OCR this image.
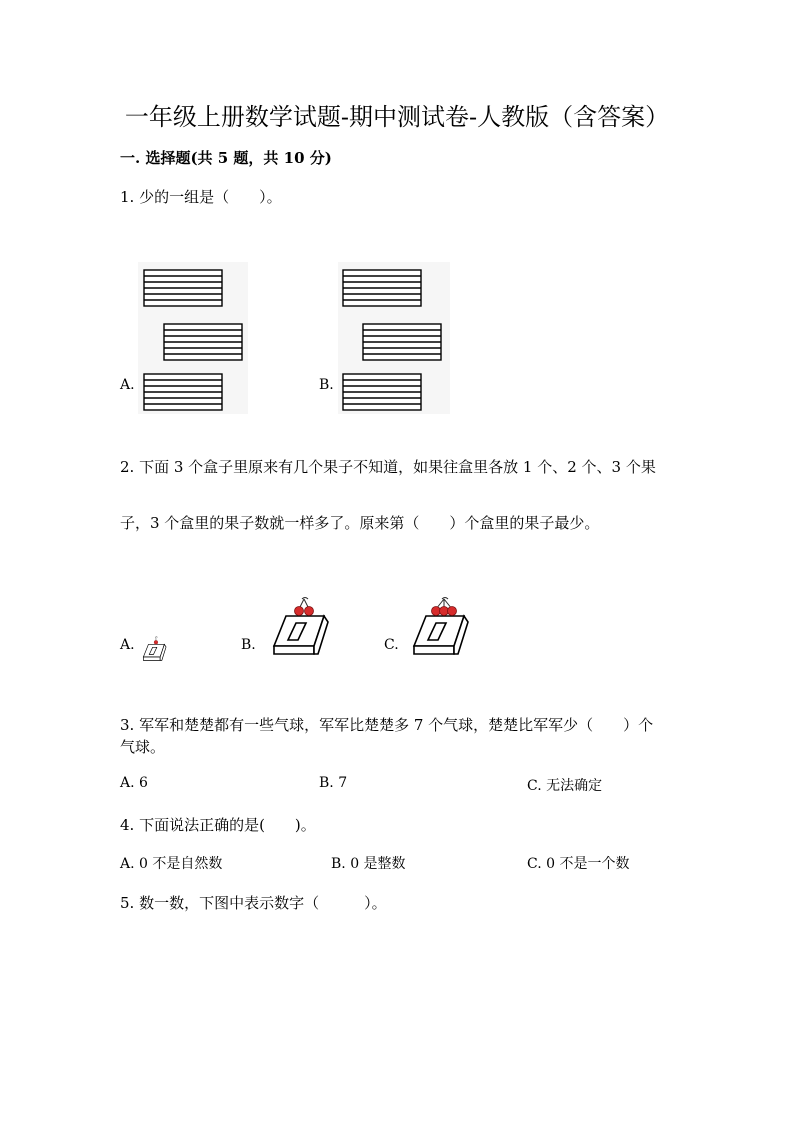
一年级上册数学试题-期中测试卷-人教版（含答案）
一. 选择题(共 5 题，共 10 分)
1. 少的一组是（　　）。
A.	B.
2. 下面 3 个盒子里原来有几个果子不知道，如果往盒里各放 1 个、2 个、3 个果
子，3 个盒里的果子数就一样多了。原来第（　　）个盒里的果子最少。
A.	B.	C.
3. 军军和楚楚都有一些气球，军军比楚楚多 7 个气球，楚楚比军军少（　　）个
气球。
A. 6	B. 7	C. 无法确定
4. 下面说法正确的是(　　)。
A. 0 不是自然数	B. 0 是整数	C. 0 不是一个数
5. 数一数，下图中表示数字（　　　）。
